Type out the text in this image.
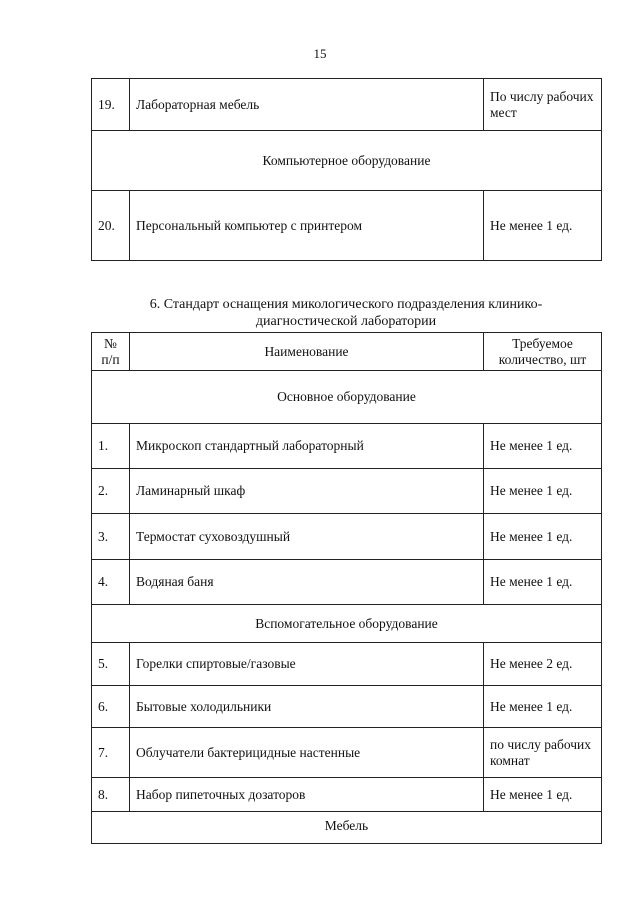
15
19.	Лабораторная мебель	По числу рабочих мест
Компьютерное оборудование		
20.	Персональный компьютер с принтером	Не менее 1 ед.
6. Стандарт оснащения микологического подразделения клинико-
диагностической лаборатории
№ п/п	Наименование	Требуемое количество, шт
Основное оборудование		
1.	Микроскоп стандартный лабораторный	Не менее 1 ед.
2.	Ламинарный шкаф	Не менее 1 ед.
3.	Термостат суховоздушный	Не менее 1 ед.
4.	Водяная баня	Не менее 1 ед.
Вспомогательное оборудование		
5.	Горелки спиртовые/газовые	Не менее 2 ед.
6.	Бытовые холодильники	Не менее 1 ед.
7.	Облучатели бактерицидные настенные	по числу рабочих комнат
8.	Набор пипеточных дозаторов	Не менее 1 ед.
Мебель		
